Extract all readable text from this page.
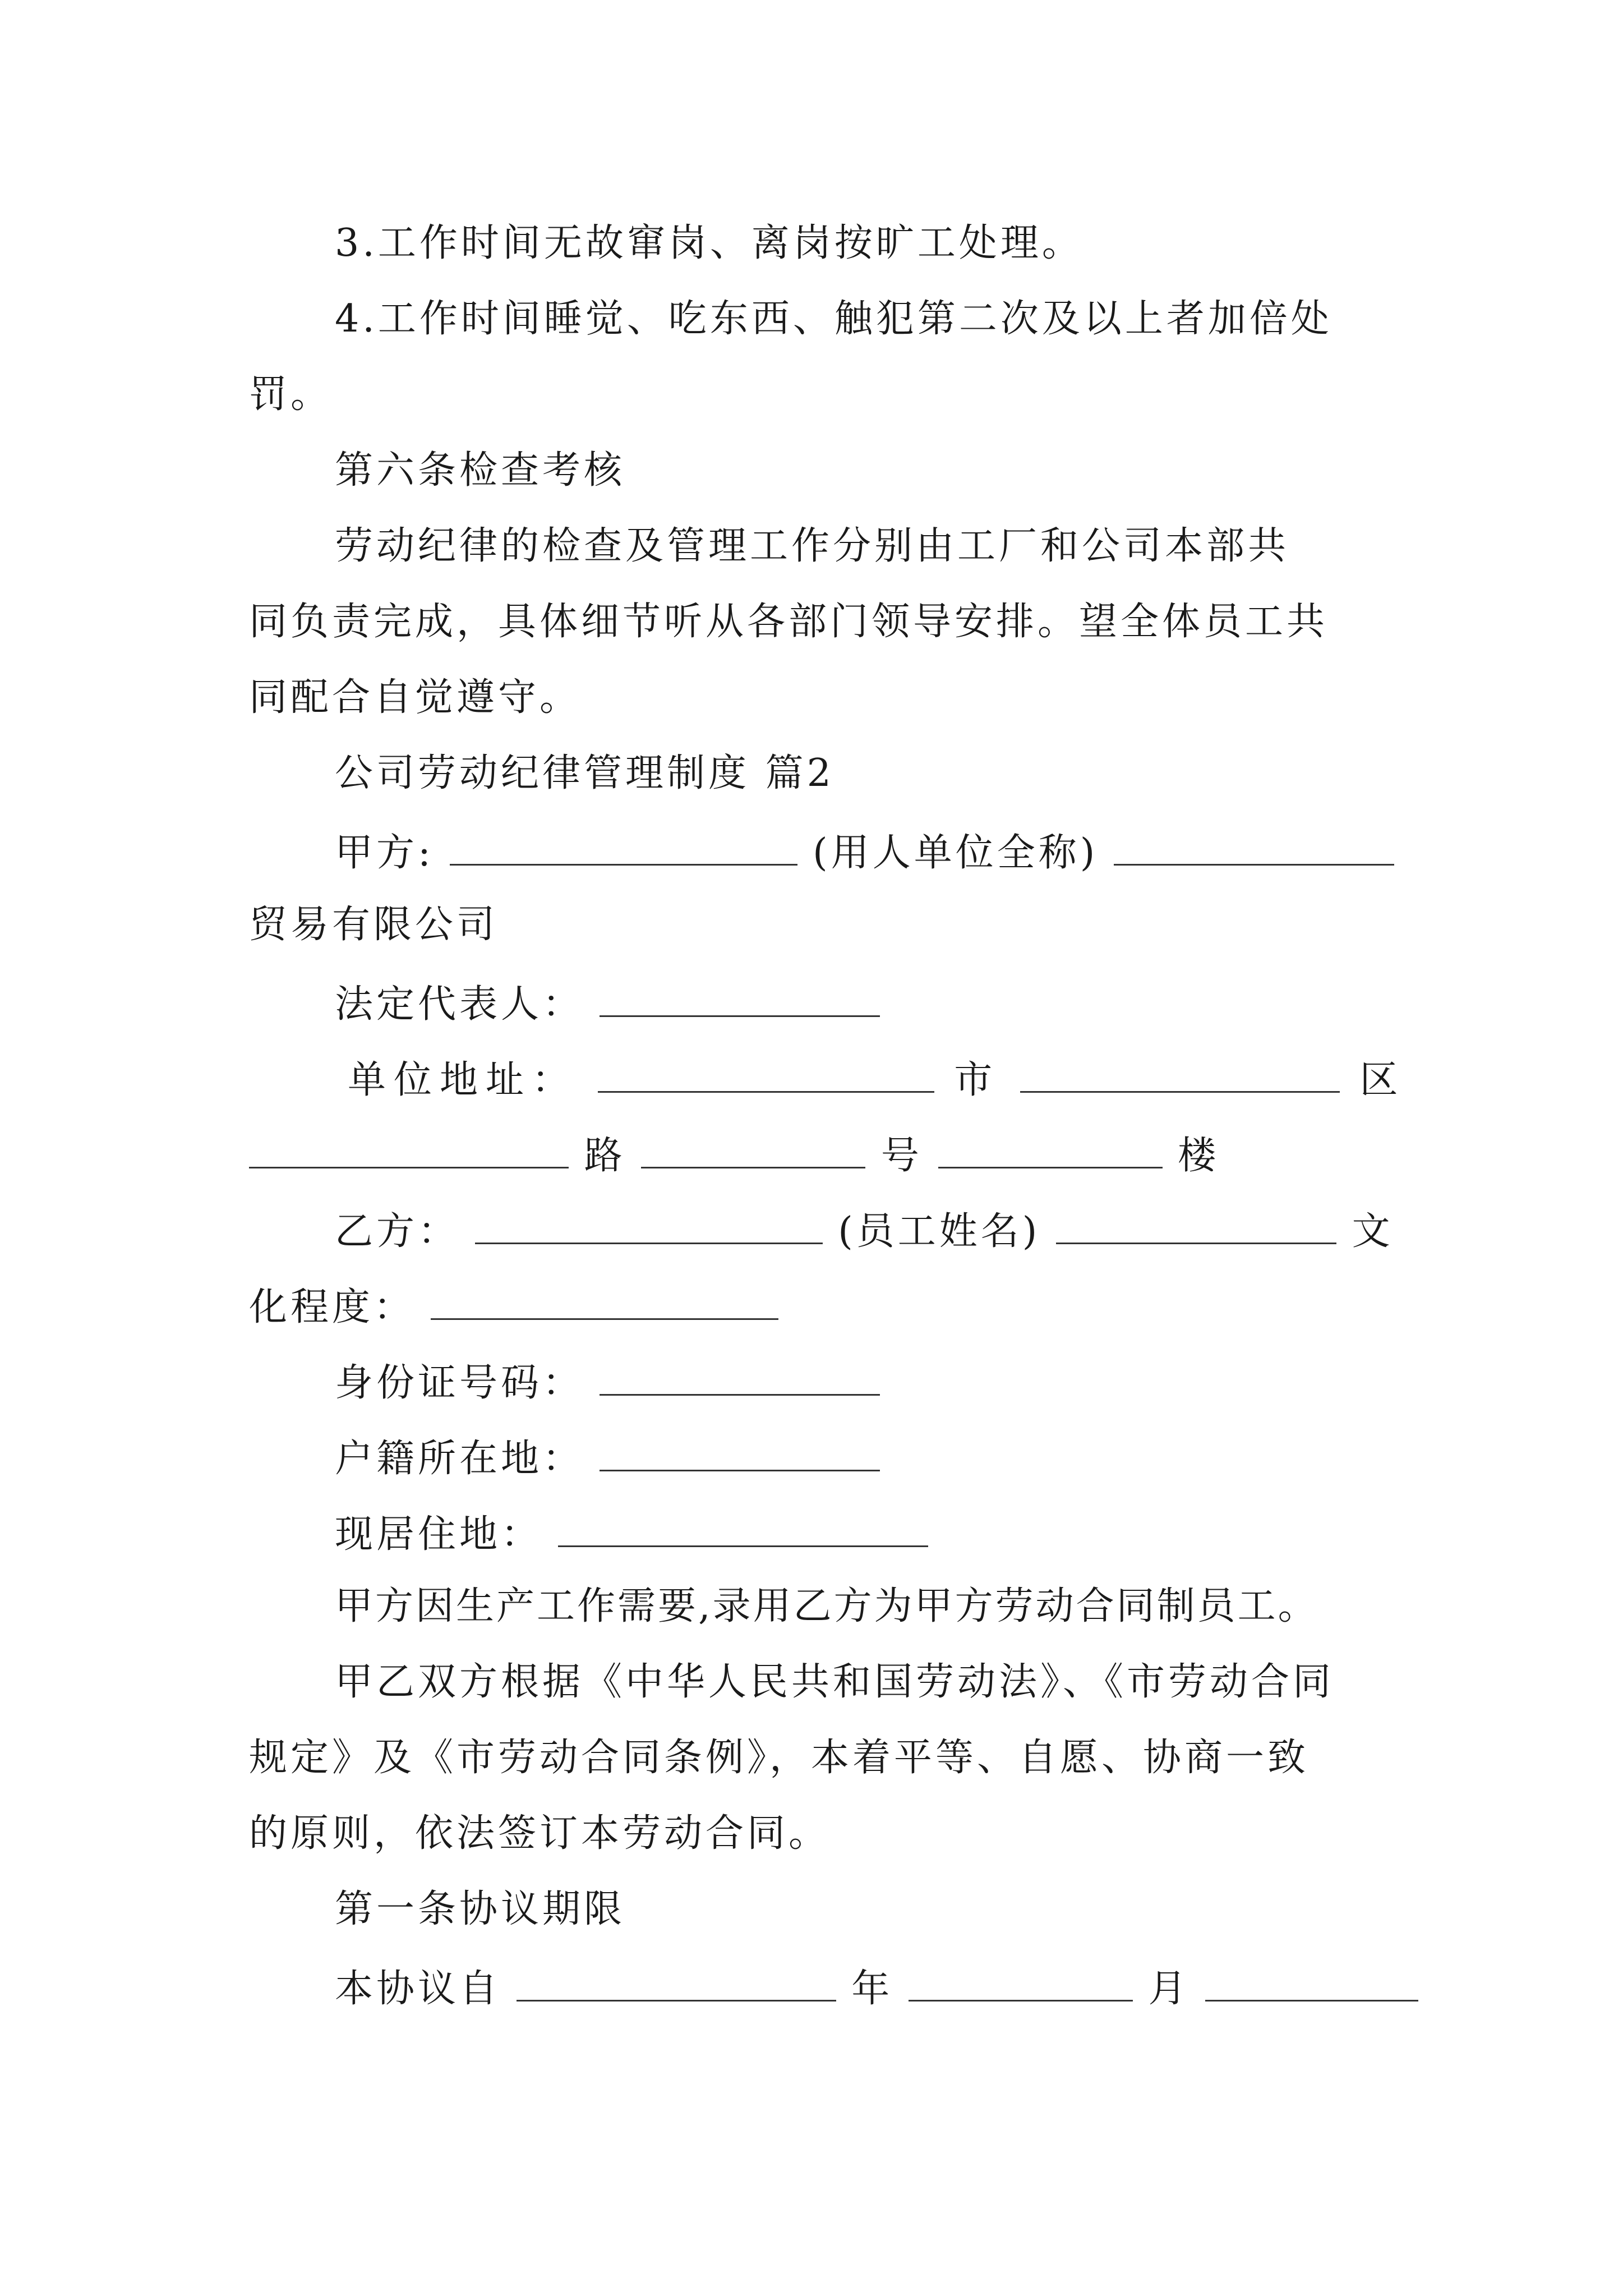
3.工作时间无故窜岗、离岗按旷工处理。
4.工作时间睡觉、吃东西、触犯第二次及以上者加倍处
罚。
第六条检查考核
劳动纪律的检查及管理工作分别由工厂和公司本部共
同负责完成，具体细节听从各部门领导安排。望全体员工共
同配合自觉遵守。
公司劳动纪律管理制度 篇2
甲方:	(用人单位全称)
贸易有限公司
法定代表人：
单位地址：	市	区
路	号	楼
乙方：	(员工姓名)	文
化程度：
身份证号码：
户籍所在地：
现居住地：
甲方因生产工作需要,录用乙方为甲方劳动合同制员工。
甲乙双方根据《中华人民共和国劳动法》、《市劳动合同
规定》及《市劳动合同条例》，本着平等、自愿、协商一致
的原则，依法签订本劳动合同。
第一条协议期限
本协议自	年	月
